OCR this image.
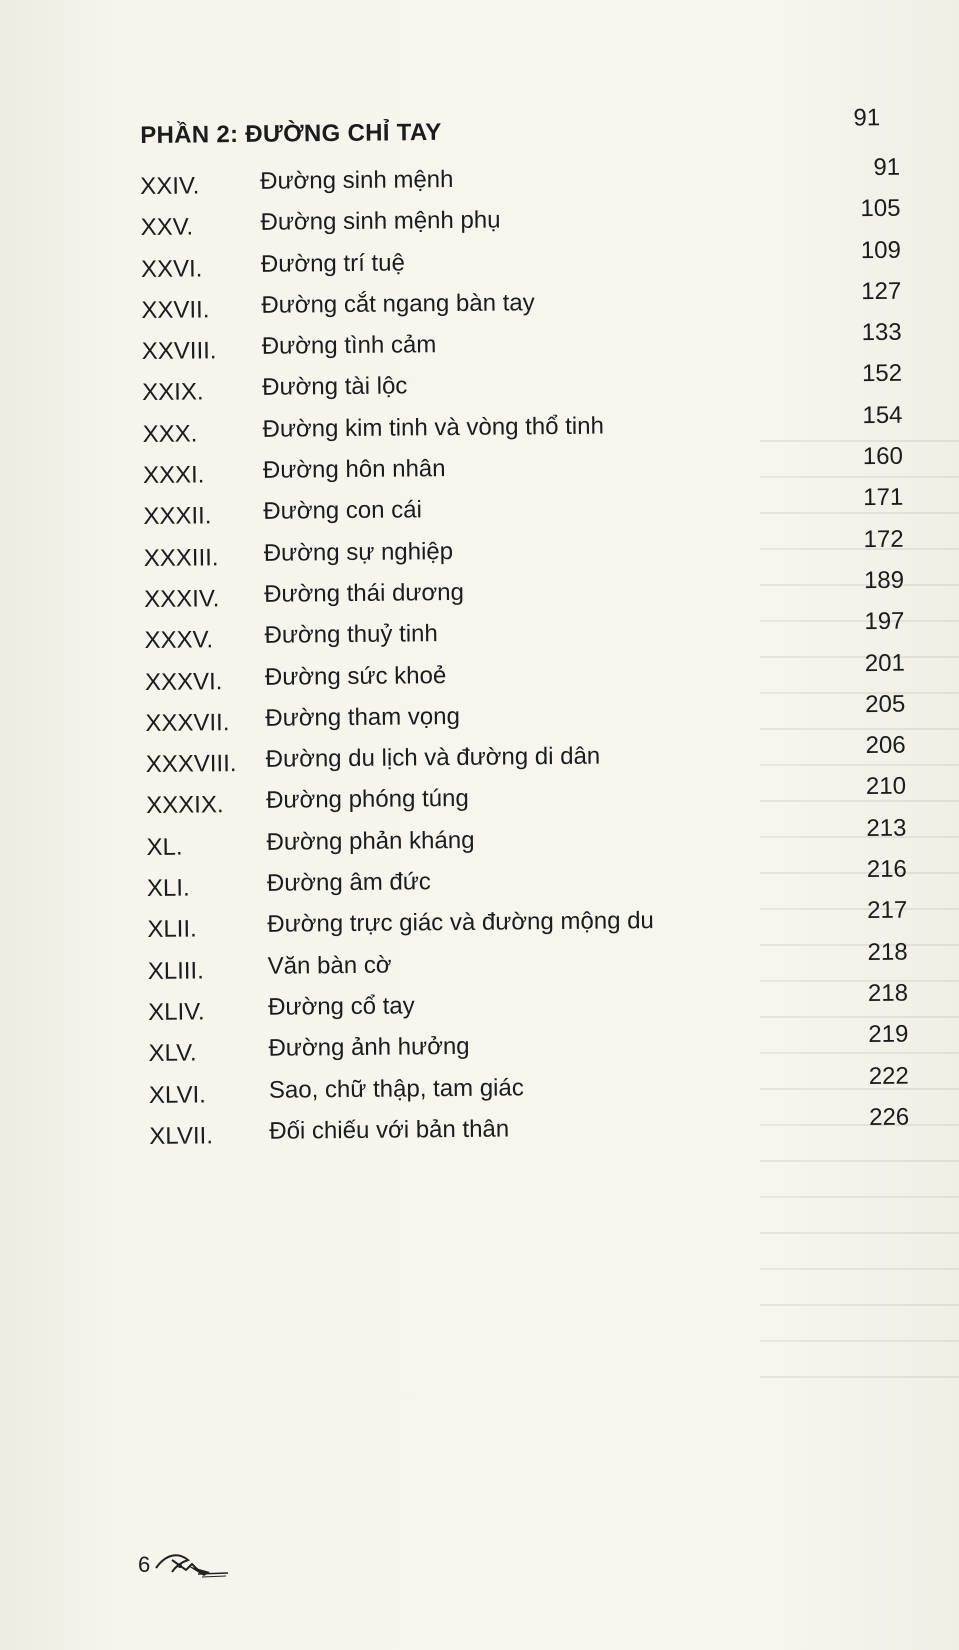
PHẦN 2: ĐƯỜNG CHỈ TAY
91
XXIV.	Đường sinh mệnh	91
XXV.	Đường sinh mệnh phụ	105
XXVI. Đường trí tuệ	109
XXVII. Đường cắt ngang bàn tay	127
XXVIII. Đường tình cảm	133
XXIX. Đường tài lộc	152
XXX.	Đường kim tinh và vòng thổ tinh	154
XXXI. Đường hôn nhân	160
XXXII. Đường con cái	171
XXXIII. Đường sự nghiệp	172
XXXIV. Đường thái dương	189
XXXV. Đường thuỷ tinh	197
XXXVI. Đường sức khoẻ	201
XXXVII. Đường tham vọng	205
XXXVIII. Đường du lịch và đường di dân	206
XXXIX. Đường phóng túng	210
XL.	Đường phản kháng	213
XLI.	Đường âm đức	216
XLII.	Đường trực giác và đường mộng du	217
XLIII.	Văn bàn cờ	218
XLIV.	Đường cổ tay	218
XLV.	Đường ảnh hưởng	219
XLVI.	Sao, chữ thập, tam giác	222
XLVII. Đối chiếu với bản thân	226
6
